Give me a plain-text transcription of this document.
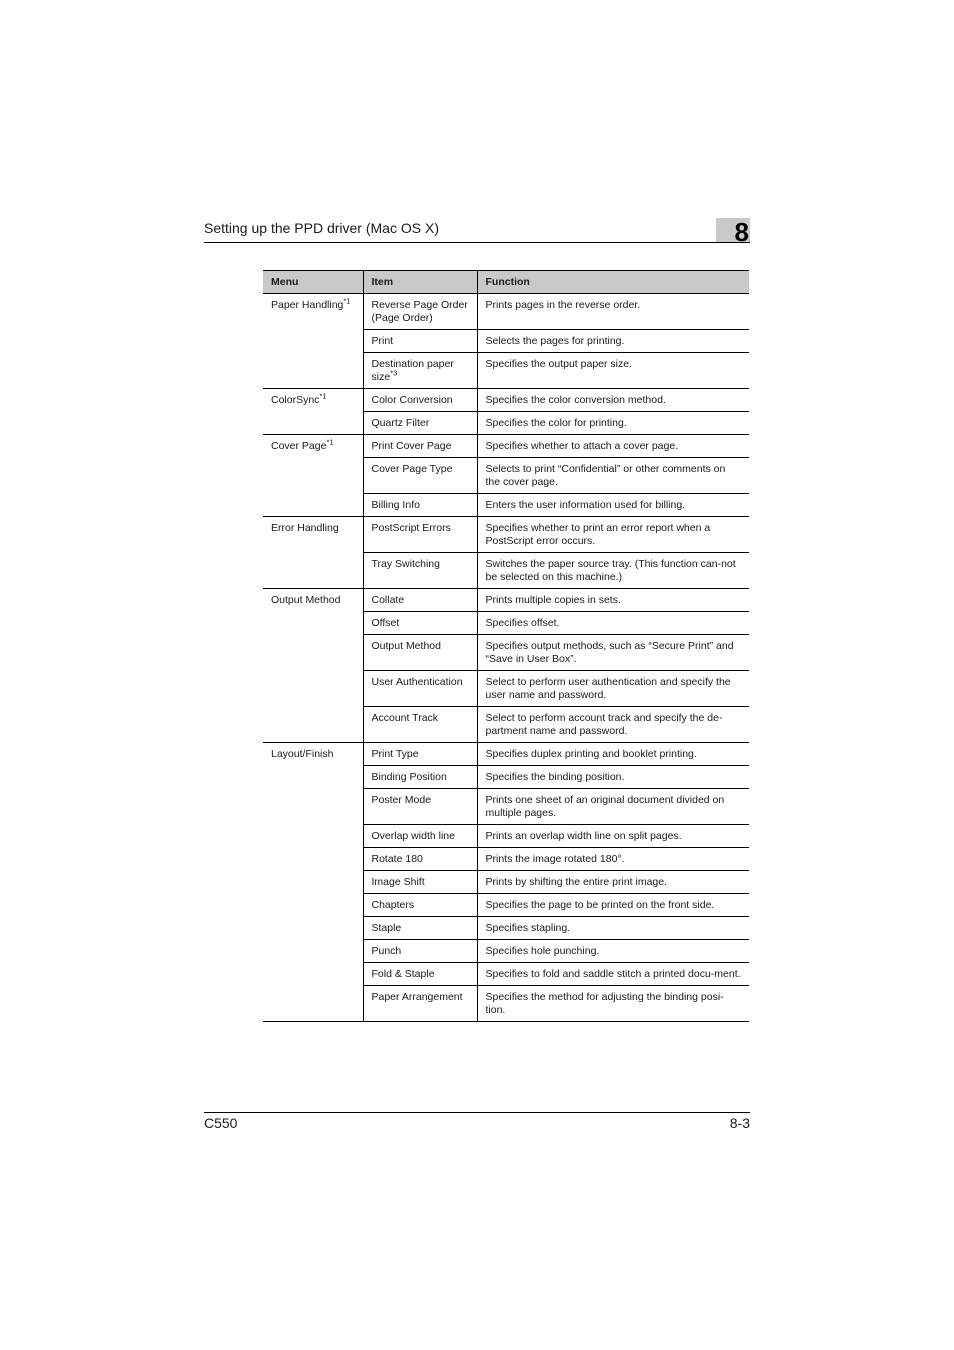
Setting up the PPD driver (Mac OS X)	8
Menu	Item	Function
Paper Handling$^{*1}$	Reverse Page Order (Page Order)	Prints pages in the reverse order.
	Print	Selects the pages for printing.
	Destination paper size$^{*3}$	Specifies the output paper size.
ColorSync$^{*1}$	Color Conversion	Specifies the color conversion method.
	Quartz Filter	Specifies the color for printing.
Cover Page$^{*1}$	Print Cover Page	Specifies whether to attach a cover page.
	Cover Page Type	Selects to print “Confidential” or other comments on the cover page.
	Billing Info	Enters the user information used for billing.
Error Handling	PostScript Errors	Specifies whether to print an error report when a PostScript error occurs.
	Tray Switching	Switches the paper source tray. (This function can-not be selected on this machine.)
Output Method	Collate	Prints multiple copies in sets.
	Offset	Specifies offset.
	Output Method	Specifies output methods, such as “Secure Print” and “Save in User Box”.
	User Authentication	Select to perform user authentication and specify the user name and password.
	Account Track	Select to perform account track and specify the de-partment name and password.
Layout/Finish	Print Type	Specifies duplex printing and booklet printing.
	Binding Position	Specifies the binding position.
	Poster Mode	Prints one sheet of an original document divided on multiple pages.
	Overlap width line	Prints an overlap width line on split pages.
	Rotate 180	Prints the image rotated 180°.
	Image Shift	Prints by shifting the entire print image.
	Chapters	Specifies the page to be printed on the front side.
	Staple	Specifies stapling.
	Punch	Specifies hole punching.
	Fold & Staple	Specifies to fold and saddle stitch a printed docu-ment.
	Paper Arrangement	Specifies the method for adjusting the binding posi-tion.
C550	8-3
